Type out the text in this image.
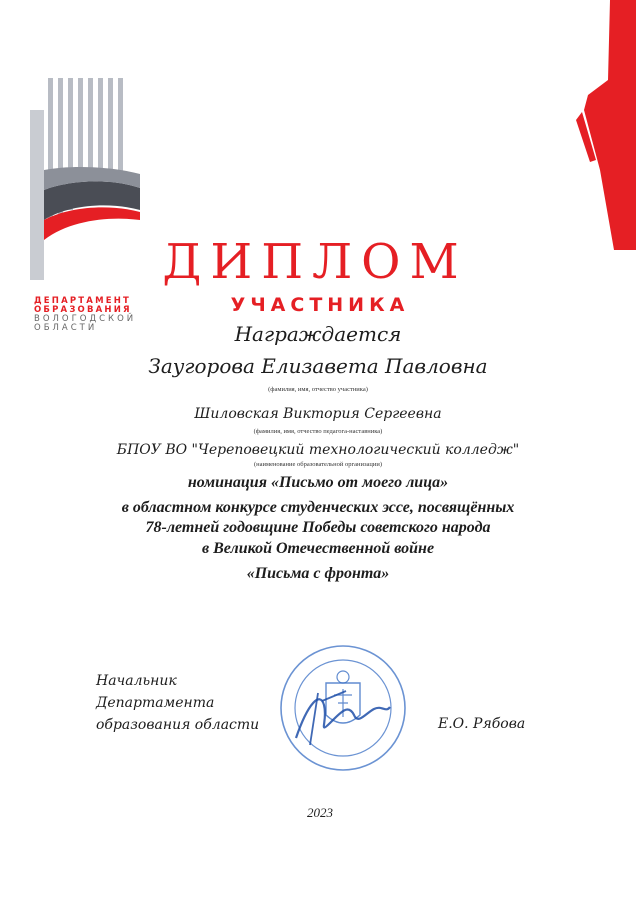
ДЕПАРТАМЕНТ
ОБРАЗОВАНИЯ
ВОЛОГОДСКОЙ
ОБЛАСТИ
ДИПЛОМ
УЧАСТНИКА
Награждается
Заугорова Елизавета Павловна
(фамилия, имя, отчество участника)
Шиловская Виктория Сергеевна
(фамилия, имя, отчество педагога-наставника)
БПОУ ВО "Череповецкий технологический колледж"
(наименование образовательной организации)
номинация «Письмо от моего лица»
в областном конкурсе студенческих эссе, посвящённых
78-летней годовщине Победы советского народа
в Великой Отечественной войне
«Письма с фронта»
Начальник
Департамента
образования области	Е.О. Рябова
2023
